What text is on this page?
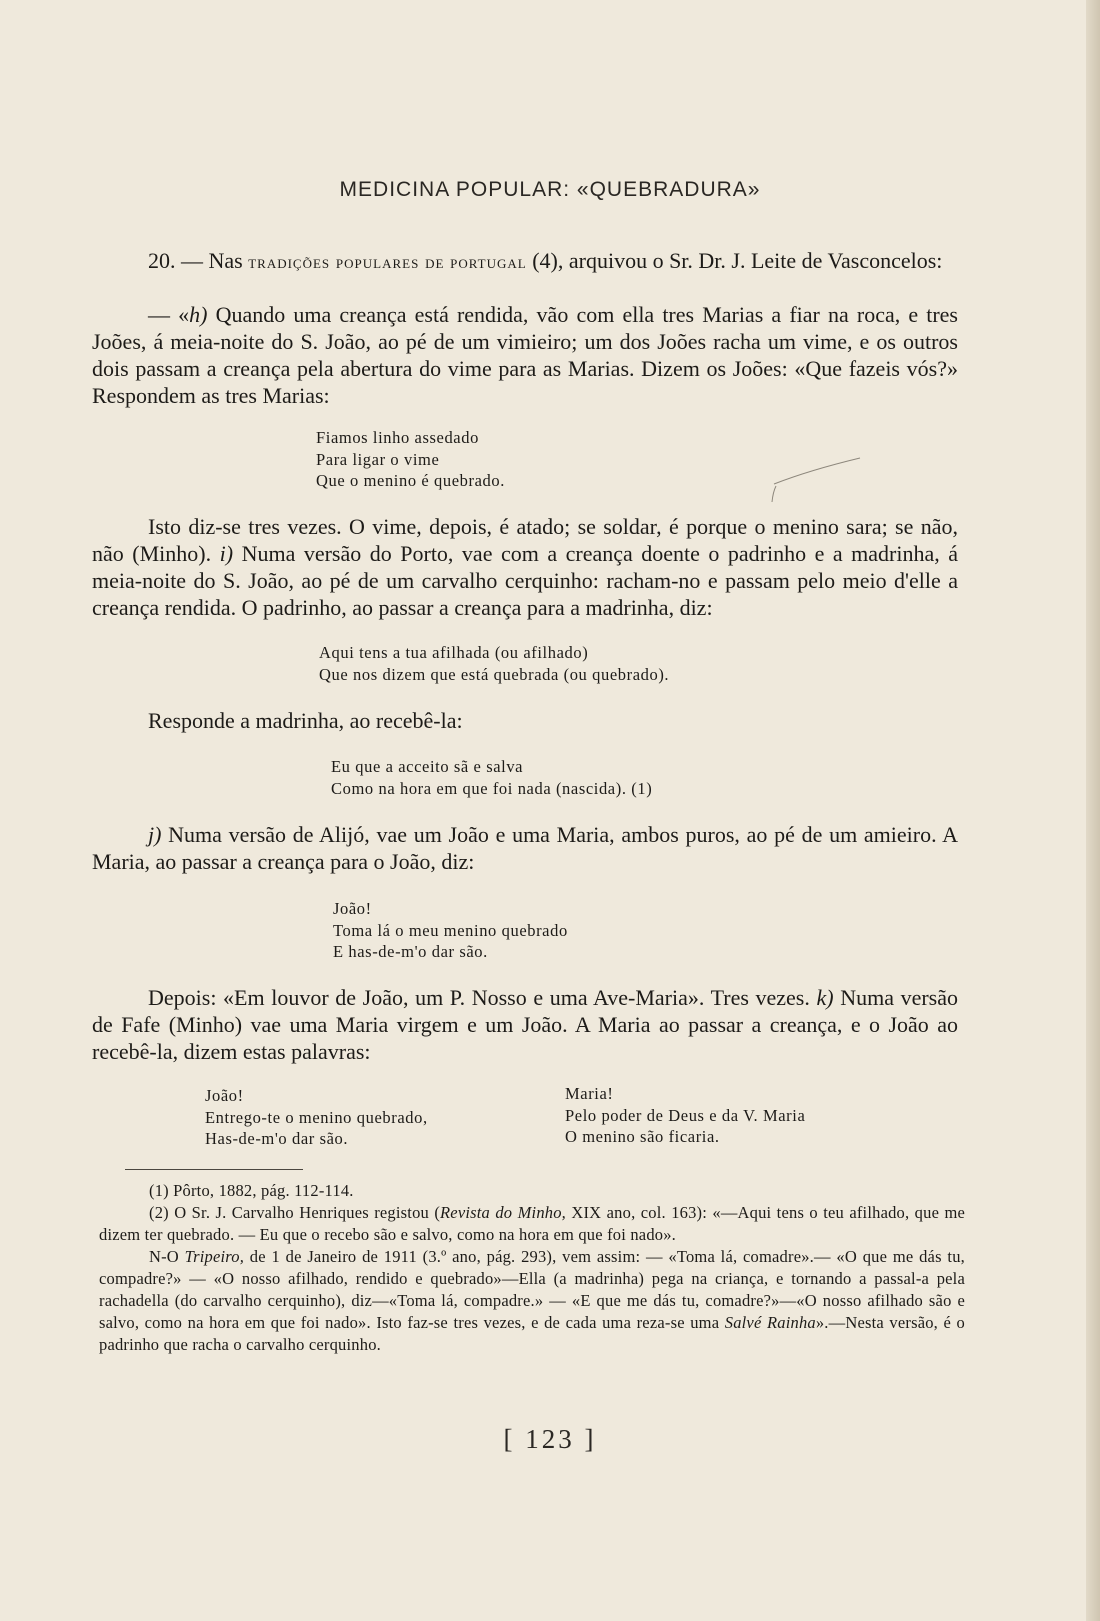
MEDICINA POPULAR: «QUEBRADURA»
20. — Nas tradições populares de portugal (4), arquivou o Sr. Dr. J. Leite de Vasconcelos:
— «h) Quando uma creança está rendida, vão com ella tres Marias a fiar na roca, e tres Joões, á meia-noite do S. João, ao pé de um vimieiro; um dos Joões racha um vime, e os outros dois passam a creança pela abertura do vime para as Marias. Dizem os Joões: «Que fazeis vós?» Respondem as tres Marias:
Fiamos linho assedado
Para ligar o vime
Que o menino é quebrado.
Isto diz-se tres vezes. O vime, depois, é atado; se soldar, é porque o menino sara; se não, não (Minho). i) Numa versão do Porto, vae com a creança doente o padrinho e a madrinha, á meia-noite do S. João, ao pé de um carvalho cerquinho: racham-no e passam pelo meio d'elle a creança rendida. O padrinho, ao passar a creança para a madrinha, diz:
Aqui tens a tua afilhada (ou afilhado)
Que nos dizem que está quebrada (ou quebrado).
Responde a madrinha, ao recebê-la:
Eu que a acceito sã e salva
Como na hora em que foi nada (nascida). (1)
j) Numa versão de Alijó, vae um João e uma Maria, ambos puros, ao pé de um amieiro. A Maria, ao passar a creança para o João, diz:
João!
Toma lá o meu menino quebrado
E has-de-m'o dar são.
Depois: «Em louvor de João, um P. Nosso e uma Ave-Maria». Tres vezes. k) Numa versão de Fafe (Minho) vae uma Maria virgem e um João. A Maria ao passar a creança, e o João ao recebê-la, dizem estas palavras:
João!
Entrego-te o menino quebrado,
Has-de-m'o dar são.
Maria!
Pelo poder de Deus e da V. Maria
O menino são ficaria.

(1) Pôrto, 1882, pág. 112-114.

(2) O Sr. J. Carvalho Henriques registou (Revista do Minho, XIX ano, col. 163): «—Aqui tens o teu afilhado, que me dizem ter quebrado. — Eu que o recebo são e salvo, como na hora em que foi nado».

N-O Tripeiro, de 1 de Janeiro de 1911 (3.º ano, pág. 293), vem assim: — «Toma lá, comadre».— «O que me dás tu, compadre?» — «O nosso afilhado, rendido e quebrado»—Ella (a madrinha) pega na criança, e tornando a passal-a pela rachadella (do carvalho cerquinho), diz—«Toma lá, compadre.» — «E que me dás tu, comadre?»—«O nosso afilhado são e salvo, como na hora em que foi nado». Isto faz-se tres vezes, e de cada uma reza-se uma Salvé Rainha».—Nesta versão, é o padrinho que racha o carvalho cerquinho.

[ 123 ]
